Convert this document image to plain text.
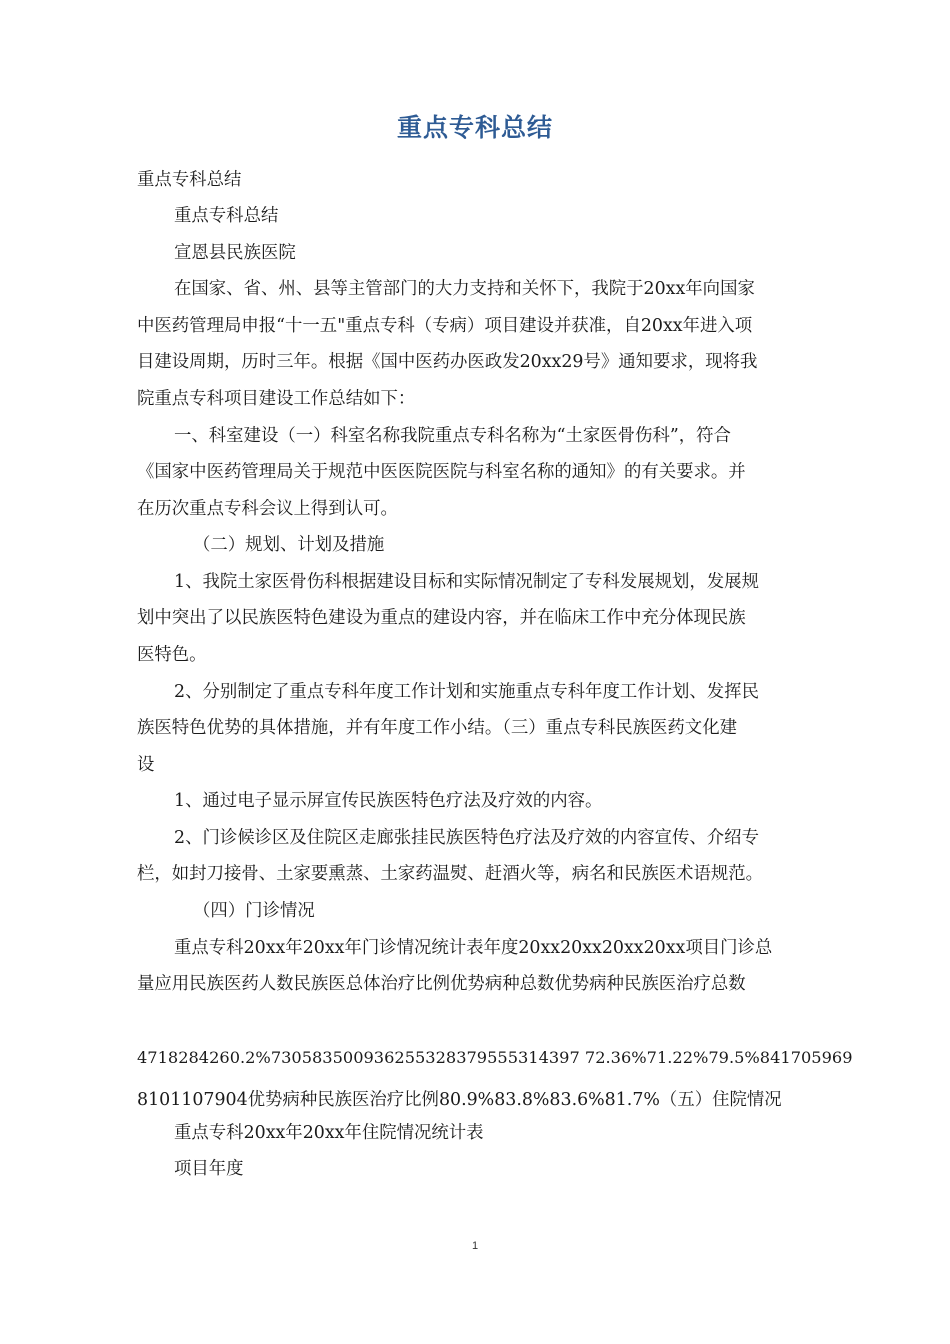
重点专科总结
重点专科总结
重点专科总结
宣恩县民族医院
在国家、省、州、县等主管部门的大力支持和关怀下，我院于20xx年向国家
中医药管理局申报“十一五"重点专科（专病）项目建设并获准，自20xx年进入项
目建设周期，历时三年。根据《国中医药办医政发20xx29号》通知要求，现将我
院重点专科项目建设工作总结如下：
一、科室建设（一）科室名称我院重点专科名称为“土家医骨伤科”，符合
《国家中医药管理局关于规范中医医院医院与科室名称的通知》的有关要求。并
在历次重点专科会议上得到认可。
（二）规划、计划及措施
1、我院土家医骨伤科根据建设目标和实际情况制定了专科发展规划，发展规
划中突出了以民族医特色建设为重点的建设内容，并在临床工作中充分体现民族
医特色。
2、分别制定了重点专科年度工作计划和实施重点专科年度工作计划、发挥民
族医特色优势的具体措施，并有年度工作小结。（三）重点专科民族医药文化建
设
1、通过电子显示屏宣传民族医特色疗法及疗效的内容。
2、门诊候诊区及住院区走廊张挂民族医特色疗法及疗效的内容宣传、介绍专
栏，如封刀接骨、土家要熏蒸、土家药温熨、赶酒火等，病名和民族医术语规范。
（四）门诊情况
重点专科20xx年20xx年门诊情况统计表年度20xx20xx20xx20xx项目门诊总
量应用民族医药人数民族医总体治疗比例优势病种总数优势病种民族医治疗总数
4718284260.2%730583500936255328379555314397 72.36%71.22%79.5%841705969
8101107904优势病种民族医治疗比例80.9%83.8%83.6%81.7%（五）住院情况
重点专科20xx年20xx年住院情况统计表
项目年度
1
